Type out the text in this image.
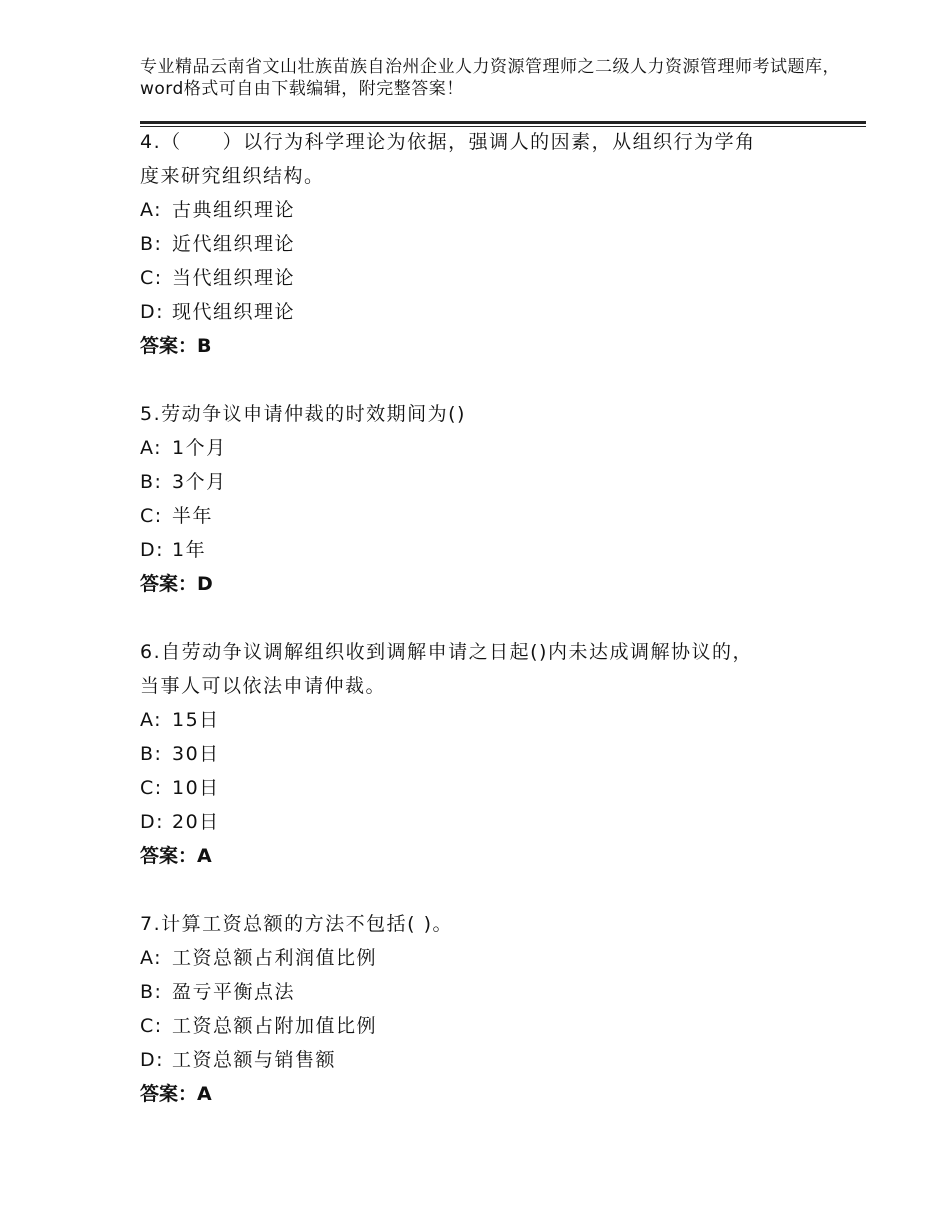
专业精品云南省文山壮族苗族自治州企业人力资源管理师之二级人力资源管理师考试题库，word格式可自由下载编辑，附完整答案！

4.（　　）以行为科学理论为依据，强调人的因素，从组织行为学角

度来研究组织结构。

A: 古典组织理论

B: 近代组织理论

C: 当代组织理论

D: 现代组织理论

答案：B

5.劳动争议申请仲裁的时效期间为()

A: 1个月

B: 3个月

C: 半年

D: 1年

答案：D

6.自劳动争议调解组织收到调解申请之日起()内未达成调解协议的，

当事人可以依法申请仲裁。

A: 15日

B: 30日

C: 10日

D: 20日

答案：A

7.计算工资总额的方法不包括( )。

A: 工资总额占利润值比例

B: 盈亏平衡点法

C: 工资总额占附加值比例

D: 工资总额与销售额

答案：A
